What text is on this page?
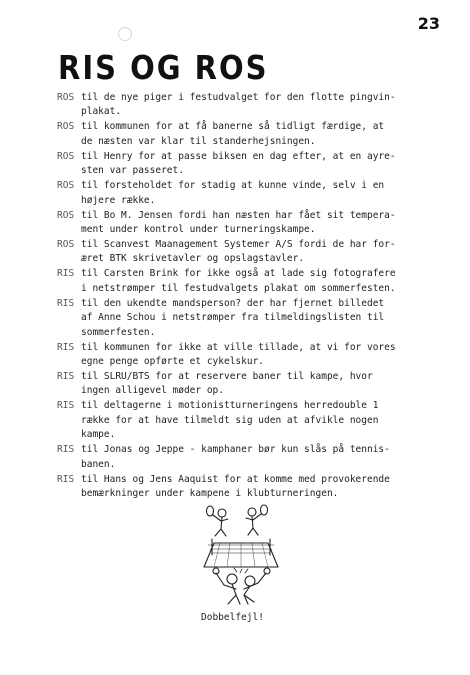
23
RIS OG ROS
ROS til de nye piger i festudvalget for den flotte pingvin-
plakat.
ROS til kommunen for at få banerne så tidligt færdige, at
de næsten var klar til standerhejsningen.
ROS til Henry for at passe biksen en dag efter, at en ayre-
sten var passeret.
ROS til forsteholdet for stadig at kunne vinde, selv i en
højere række.
ROS til Bo M. Jensen fordi han næsten har fået sit tempera-
ment under kontrol under turneringskampe.
ROS til Scanvest Maanagement Systemer A/S fordi de har for-
æret BTK skrivetavler og opslagstavler.
RIS til Carsten Brink for ikke også at lade sig fotografere
i netstrømper til festudvalgets plakat om sommerfesten.
RIS til den ukendte mandsperson? der har fjernet billedet
af Anne Schou i netstrømper fra tilmeldingslisten til
sommerfesten.
RIS til kommunen for ikke at ville tillade, at vi for vores
egne penge opførte et cykelskur.
RIS til SLRU/BTS for at reservere baner til kampe, hvor
ingen alligevel møder op.
RIS til deltagerne i motionistturneringens herredouble 1
række for at have tilmeldt sig uden at afvikle nogen
kampe.
RIS til Jonas og Jeppe - kamphaner bør kun slås på tennis-
banen.
RIS til Hans og Jens Aaquist for at komme med provokerende
bemærkninger under kampene i klubturneringen.
Dobbelfejl!
